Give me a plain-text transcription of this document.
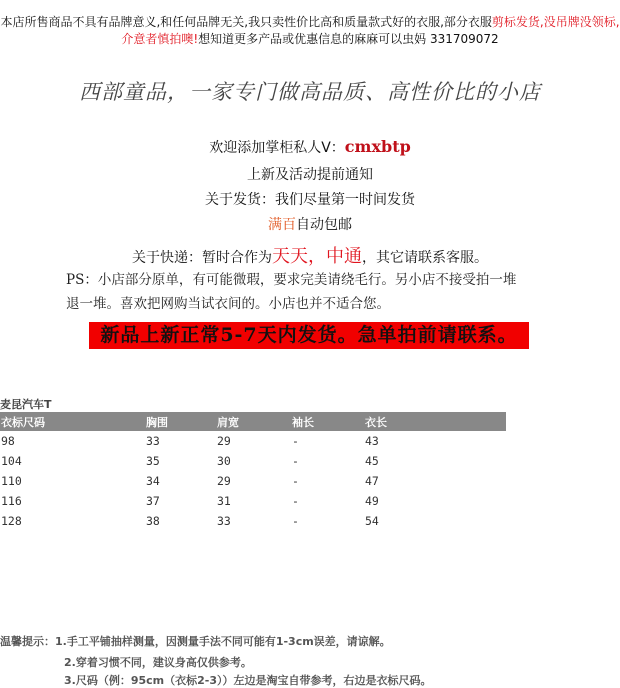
本店所售商品不具有品牌意义,和任何品牌无关,我只卖性价比高和质量款式好的衣服,部分衣服剪标发货,没吊牌没领标,介意者慎拍噢!想知道更多产品或优惠信息的麻麻可以虫妈 331709072
西部童品，一家专门做高品质、高性价比的小店
欢迎添加掌柜私人V：cmxbtp
上新及活动提前通知
关于发货：我们尽量第一时间发货
满百自动包邮
关于快递：暂时合作为天天，中通，其它请联系客服。
PS：小店部分原单，有可能微瑕，要求完美请绕毛行。另小店不接受拍一堆
退一堆。喜欢把网购当试衣间的。小店也并不适合您。
新品上新正常5-7天内发货。急单拍前请联系。
麦昆汽车T
衣标尺码	胸围	肩宽	袖长	衣长
98	33	29	-	43
104	35	30	-	45
110	34	29	-	47
116	37	31	-	49
128	38	33	-	54
温馨提示：1.手工平铺抽样测量，因测量手法不同可能有1-3cm误差，请谅解。
2.穿着习惯不同，建议身高仅供参考。
3.尺码（例：95cm（衣标2-3））左边是淘宝自带参考，右边是衣标尺码。
